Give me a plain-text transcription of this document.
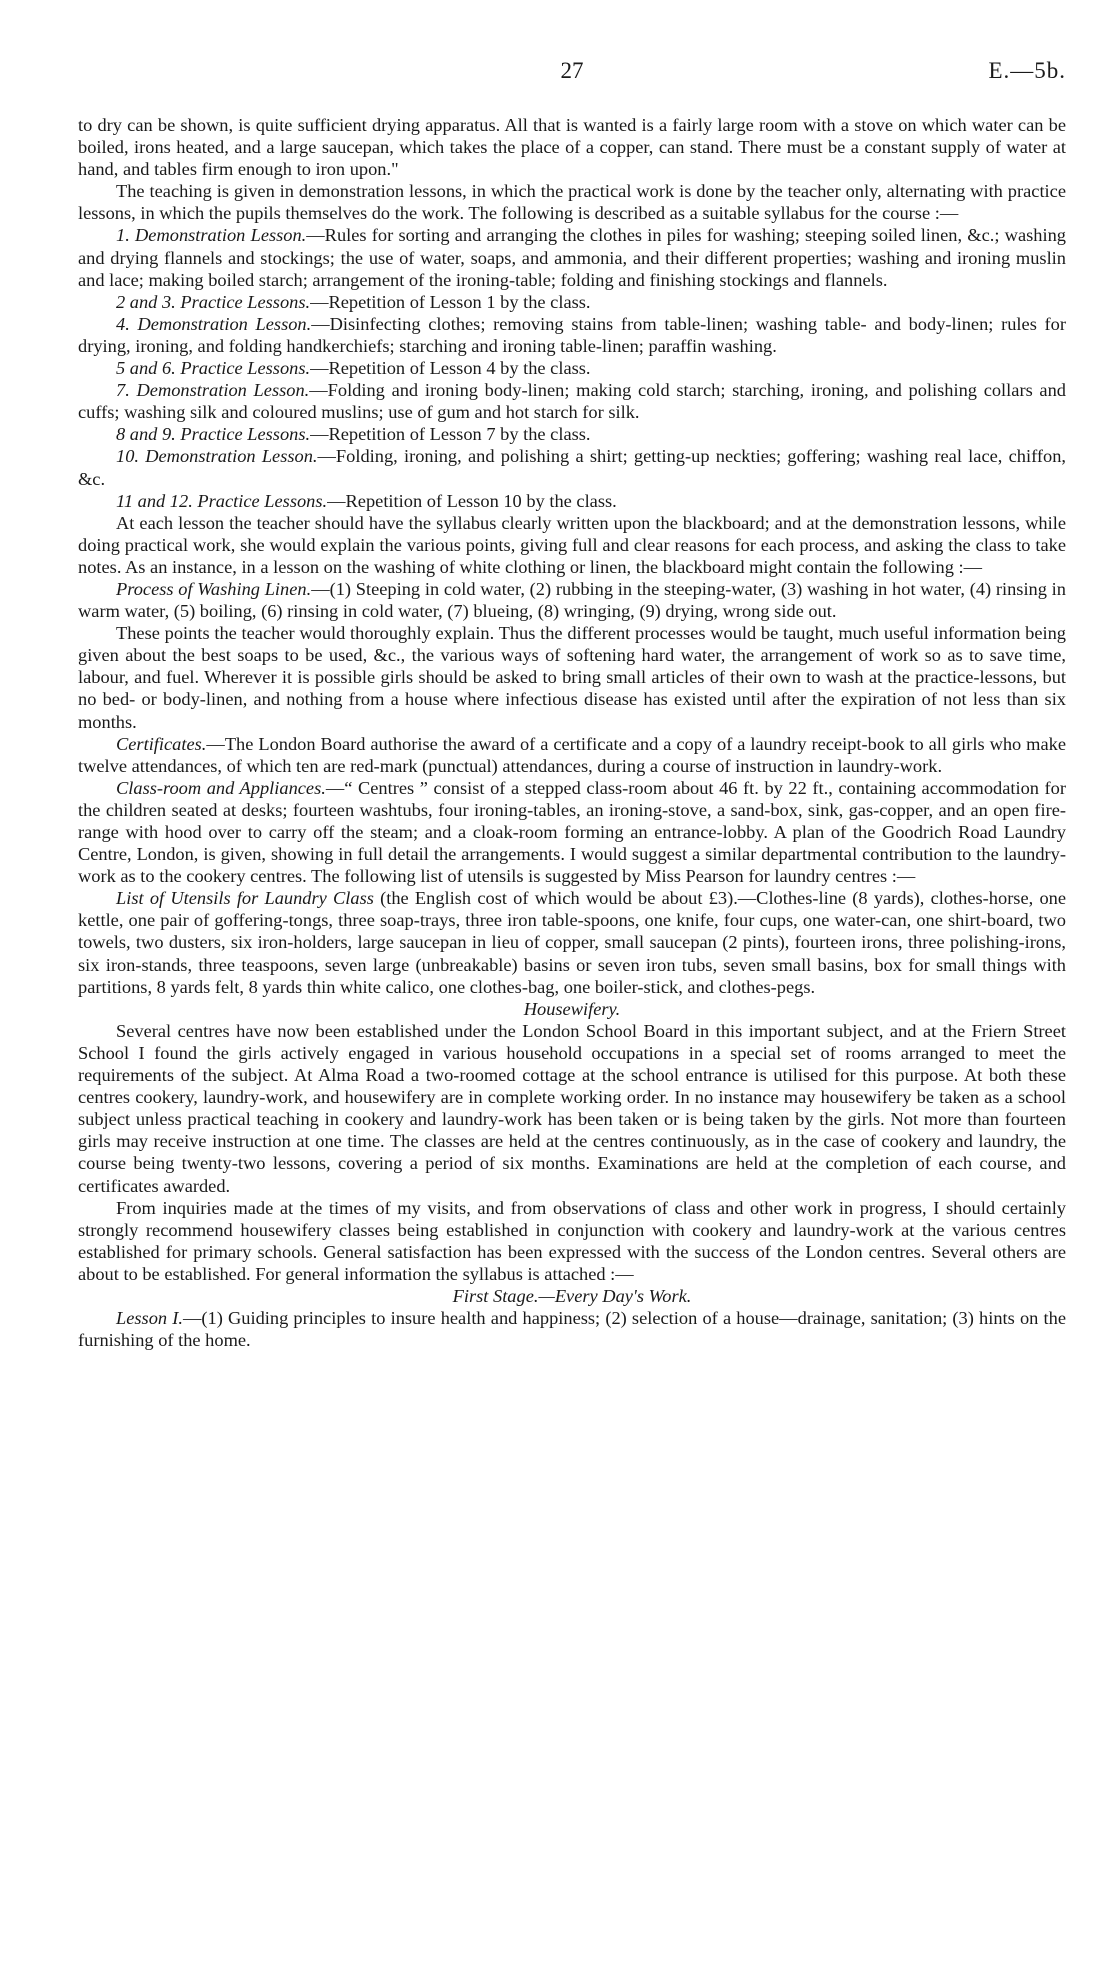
27	E.—5b.

to dry can be shown, is quite sufficient drying apparatus. All that is wanted is a fairly large room with a stove on which water can be boiled, irons heated, and a large saucepan, which takes the place of a copper, can stand. There must be a constant supply of water at hand, and tables firm enough to iron upon."

The teaching is given in demonstration lessons, in which the practical work is done by the teacher only, alternating with practice lessons, in which the pupils themselves do the work. The following is described as a suitable syllabus for the course :—

1. Demonstration Lesson.—Rules for sorting and arranging the clothes in piles for washing; steeping soiled linen, &c.; washing and drying flannels and stockings; the use of water, soaps, and ammonia, and their different properties; washing and ironing muslin and lace; making boiled starch; arrangement of the ironing-table; folding and finishing stockings and flannels.

2 and 3. Practice Lessons.—Repetition of Lesson 1 by the class.

4. Demonstration Lesson.—Disinfecting clothes; removing stains from table-linen; washing table- and body-linen; rules for drying, ironing, and folding handkerchiefs; starching and ironing table-linen; paraffin washing.

5 and 6. Practice Lessons.—Repetition of Lesson 4 by the class.

7. Demonstration Lesson.—Folding and ironing body-linen; making cold starch; starching, ironing, and polishing collars and cuffs; washing silk and coloured muslins; use of gum and hot starch for silk.

8 and 9. Practice Lessons.—Repetition of Lesson 7 by the class.

10. Demonstration Lesson.—Folding, ironing, and polishing a shirt; getting-up neckties; goffering; washing real lace, chiffon, &c.

11 and 12. Practice Lessons.—Repetition of Lesson 10 by the class.

At each lesson the teacher should have the syllabus clearly written upon the blackboard; and at the demonstration lessons, while doing practical work, she would explain the various points, giving full and clear reasons for each process, and asking the class to take notes. As an instance, in a lesson on the washing of white clothing or linen, the blackboard might contain the following :—

Process of Washing Linen.—(1) Steeping in cold water, (2) rubbing in the steeping-water, (3) washing in hot water, (4) rinsing in warm water, (5) boiling, (6) rinsing in cold water, (7) blueing, (8) wringing, (9) drying, wrong side out.

These points the teacher would thoroughly explain. Thus the different processes would be taught, much useful information being given about the best soaps to be used, &c., the various ways of softening hard water, the arrangement of work so as to save time, labour, and fuel. Wherever it is possible girls should be asked to bring small articles of their own to wash at the practice-lessons, but no bed- or body-linen, and nothing from a house where infectious disease has existed until after the expiration of not less than six months.

Certificates.—The London Board authorise the award of a certificate and a copy of a laundry receipt-book to all girls who make twelve attendances, of which ten are red-mark (punctual) attendances, during a course of instruction in laundry-work.

Class-room and Appliances.—“ Centres ” consist of a stepped class-room about 46 ft. by 22 ft., containing accommodation for the children seated at desks; fourteen washtubs, four ironing-tables, an ironing-stove, a sand-box, sink, gas-copper, and an open fire-range with hood over to carry off the steam; and a cloak-room forming an entrance-lobby. A plan of the Goodrich Road Laundry Centre, London, is given, showing in full detail the arrangements. I would suggest a similar departmental contribution to the laundry-work as to the cookery centres. The following list of utensils is suggested by Miss Pearson for laundry centres :—

List of Utensils for Laundry Class (the English cost of which would be about £3).—Clothes-line (8 yards), clothes-horse, one kettle, one pair of goffering-tongs, three soap-trays, three iron table-spoons, one knife, four cups, one water-can, one shirt-board, two towels, two dusters, six iron-holders, large saucepan in lieu of copper, small saucepan (2 pints), fourteen irons, three polishing-irons, six iron-stands, three teaspoons, seven large (unbreakable) basins or seven iron tubs, seven small basins, box for small things with partitions, 8 yards felt, 8 yards thin white calico, one clothes-bag, one boiler-stick, and clothes-pegs.

Housewifery.

Several centres have now been established under the London School Board in this important subject, and at the Friern Street School I found the girls actively engaged in various household occupations in a special set of rooms arranged to meet the requirements of the subject. At Alma Road a two-roomed cottage at the school entrance is utilised for this purpose. At both these centres cookery, laundry-work, and housewifery are in complete working order. In no instance may housewifery be taken as a school subject unless practical teaching in cookery and laundry-work has been taken or is being taken by the girls. Not more than fourteen girls may receive instruction at one time. The classes are held at the centres continuously, as in the case of cookery and laundry, the course being twenty-two lessons, covering a period of six months. Examinations are held at the completion of each course, and certificates awarded.

From inquiries made at the times of my visits, and from observations of class and other work in progress, I should certainly strongly recommend housewifery classes being established in conjunction with cookery and laundry-work at the various centres established for primary schools. General satisfaction has been expressed with the success of the London centres. Several others are about to be established. For general information the syllabus is attached :—

First Stage.—Every Day's Work.

Lesson I.—(1) Guiding principles to insure health and happiness; (2) selection of a house—drainage, sanitation; (3) hints on the furnishing of the home.
